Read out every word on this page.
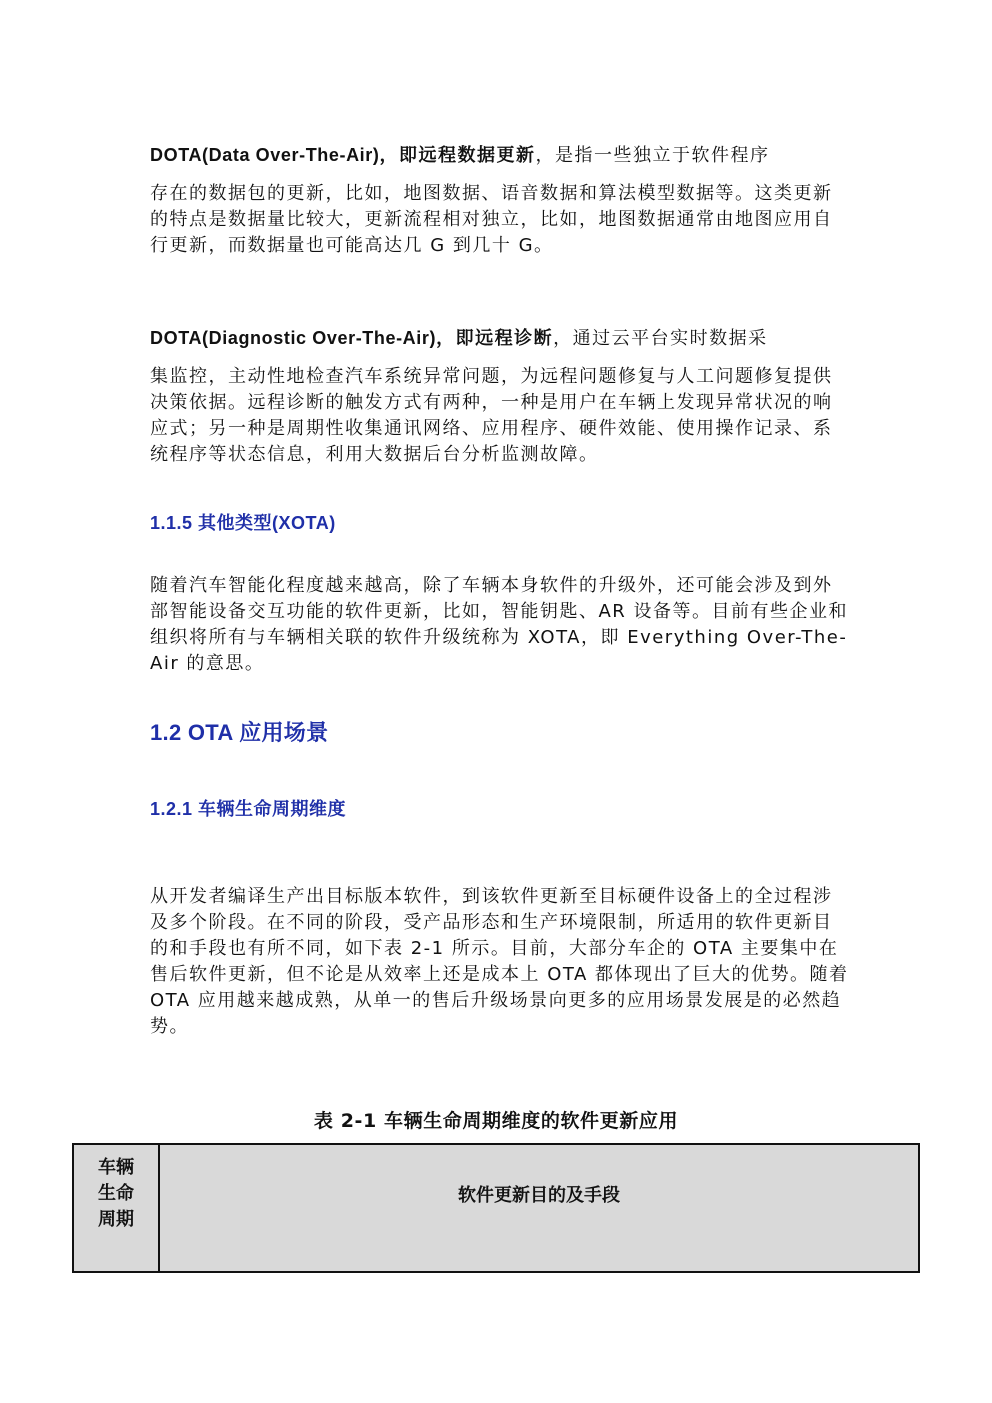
DOTA(Data Over-The-Air)，即远程数据更新，是指一些独立于软件程序
存在的数据包的更新，比如，地图数据、语音数据和算法模型数据等。这类更新的特点是数据量比较大，更新流程相对独立，比如，地图数据通常由地图应用自行更新，而数据量也可能高达几 G 到几十 G。

DOTA(Diagnostic Over-The-Air)，即远程诊断，通过云平台实时数据采
集监控，主动性地检查汽车系统异常问题，为远程问题修复与人工问题修复提供决策依据。远程诊断的触发方式有两种，一种是用户在车辆上发现异常状况的响应式；另一种是周期性收集通讯网络、应用程序、硬件效能、使用操作记录、系统程序等状态信息，利用大数据后台分析监测故障。

1.1.5 其他类型(XOTA)

随着汽车智能化程度越来越高，除了车辆本身软件的升级外，还可能会涉及到外部智能设备交互功能的软件更新，比如，智能钥匙、AR 设备等。目前有些企业和组织将所有与车辆相关联的软件升级统称为 XOTA，即 Everything Over-The-Air 的意思。

1.2 OTA 应用场景
1.2.1 车辆生命周期维度

从开发者编译生产出目标版本软件，到该软件更新至目标硬件设备上的全过程涉及多个阶段。在不同的阶段，受产品形态和生产环境限制，所适用的软件更新目的和手段也有所不同，如下表 2-1 所示。目前，大部分车企的 OTA 主要集中在售后软件更新，但不论是从效率上还是成本上 OTA 都体现出了巨大的优势。随着 OTA 应用越来越成熟，从单一的售后升级场景向更多的应用场景发展是的必然趋势。

表 2-1 车辆生命周期维度的软件更新应用

车辆
生命
周期
	软件更新目的及手段
